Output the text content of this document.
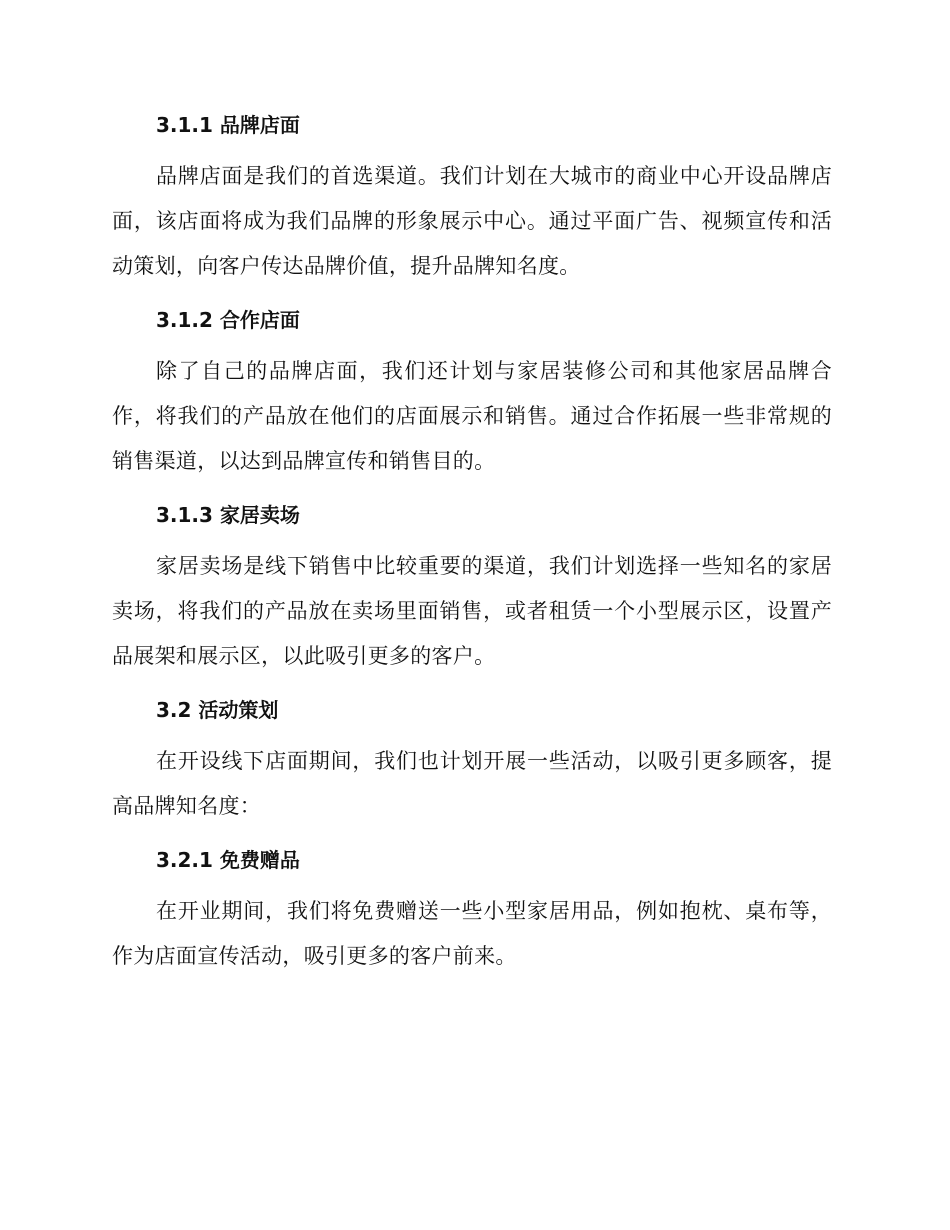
3.1.1 品牌店面

品牌店面是我们的首选渠道。我们计划在大城市的商业中心开设品牌店面，该店面将成为我们品牌的形象展示中心。通过平面广告、视频宣传和活动策划，向客户传达品牌价值，提升品牌知名度。

3.1.2 合作店面

除了自己的品牌店面，我们还计划与家居装修公司和其他家居品牌合作，将我们的产品放在他们的店面展示和销售。通过合作拓展一些非常规的销售渠道，以达到品牌宣传和销售目的。

3.1.3 家居卖场

家居卖场是线下销售中比较重要的渠道，我们计划选择一些知名的家居卖场，将我们的产品放在卖场里面销售，或者租赁一个小型展示区，设置产品展架和展示区，以此吸引更多的客户。

3.2 活动策划

在开设线下店面期间，我们也计划开展一些活动，以吸引更多顾客，提高品牌知名度：

3.2.1 免费赠品

在开业期间，我们将免费赠送一些小型家居用品，例如抱枕、桌布等，作为店面宣传活动，吸引更多的客户前来。
